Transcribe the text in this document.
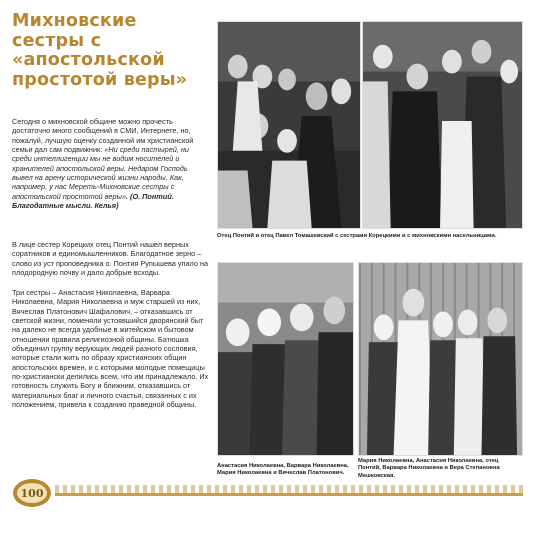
Михновские сестры с «апостольской простотой веры»

Сегодня о михновской общине можно прочесть достаточно много сообщений в СМИ, Интернете, но, пожалуй, лучшую оценку созданной им христианской семьи дал сам подвижник: «Ни среди пастырей, ни среди интеллигенции мы не видим носителей и хранителей апостольской веры. Недаром Господь вывел на арену исторической жизни народы. Как, например, у нас Мереть-Михновские сестры с апостольской простотой веры». (О. Понтий. Благодатные мысли. Келья)

В лице сестер Корецких отец Понтий нашел верных соратников и единомышленников. Благодатное зерно – слово из уст проповедника о. Понтия Рупышева упало на плодородную почву и дало добрые всходы.

Три сестры – Анастасия Николаевна, Варвара Николаевна, Мария Николаевна и муж старшей из них, Вячеслав Платонович Шафалович, – отказавшись от светской жизни, поменяли устоявшийся дворянский быт на далеко не всегда удобные в житейском и бытовом отношении правила религиозной общины. Батюшка объединил группу верующих людей разного сословия, которые стали жить по образу христианских общин апостольских времен, и с которыми молодые помещицы по-христиански делились всем, что им принадлежало. Их готовность служить Богу и ближним, отказавшись от материальных благ и личного счастья, связанных с их положением, привела к созданию праведной общины.

Отец Понтий и отец Павел Томашевский с сестрами Корецкими и с михновскими насельницами.

Анастасия Николаевна, Варвара Николаевна, Мария Николаевна и Вячеслав Платонович.

Мария Николаевна, Анастасия Николаевна, отец Понтий, Варвара Николаевна и Вера Степановна Мешковская.

100
